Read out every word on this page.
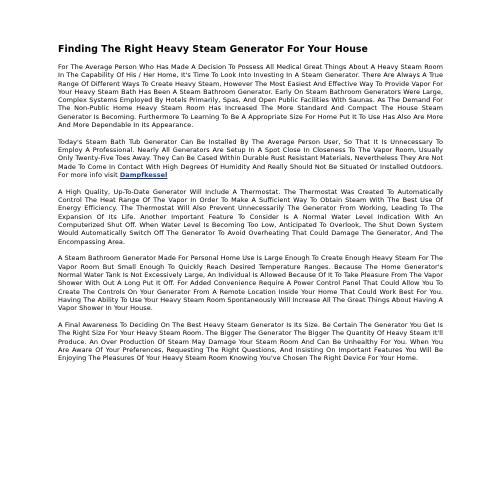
Finding The Right Heavy Steam Generator For Your House

For The Average Person Who Has Made A Decision To Possess All Medical Great Things About A Heavy Steam Room In The Capability Of His / Her Home, It's Time To Look Into Investing In A Steam Generator. There Are Always A True Range Of Different Ways To Create Heavy Steam, However The Most Easiest And Effective Way To Provide Vapor For Your Heavy Steam Bath Has Been A Steam Bathroom Generator. Early On Steam Bathroom Generators Were Large, Complex Systems Employed By Hotels Primarily, Spas, And Open Public Facilities With Saunas. As The Demand For The Non-Public Home Heavy Steam Room Has Increased The More Standard And Compact The House Steam Generator Is Becoming. Furthermore To Learning To Be A Appropriate Size For Home Put It To Use Has Also Are More And More Dependable In Its Appearance.

Today's Steam Bath Tub Generator Can Be Installed By The Average Person User, So That It Is Unnecessary To Employ A Professional. Nearly All Generators Are Setup In A Spot Close In Closeness To The Vapor Room, Usually Only Twenty-Five Toes Away. They Can Be Cased Within Durable Rust Resistant Materials, Nevertheless They Are Not Made To Come In Contact With High Degrees Of Humidity And Really Should Not Be Situated Or Installed Outdoors. For more info visit Dampfkessel

A High Quality, Up-To-Date Generator Will Include A Thermostat. The Thermostat Was Created To Automatically Control The Heat Range Of The Vapor In Order To Make A Sufficient Way To Obtain Steam With The Best Use Of Energy Efficiency. The Thermostat Will Also Prevent Unnecessarily The Generator From Working, Leading To The Expansion Of Its Life. Another Important Feature To Consider Is A Normal Water Level Indication With An Computerized Shut Off. When Water Level Is Becoming Too Low, Anticipated To Overlook, The Shut Down System Would Automatically Switch Off The Generator To Avoid Overheating That Could Damage The Generator, And The Encompassing Area.

A Steam Bathroom Generator Made For Personal Home Use Is Large Enough To Create Enough Heavy Steam For The Vapor Room But Small Enough To Quickly Reach Desired Temperature Ranges. Because The Home Generator's Normal Water Tank Is Not Excessively Large, An Individual Is Allowed Because Of It To Take Pleasure From The Vapor Shower With Out A Long Put It Off. For Added Convenience Require A Power Control Panel That Could Allow You To Create The Controls On Your Generator From A Remote Location Inside Your Home That Could Work Best For You. Having The Ability To Use Your Heavy Steam Room Spontaneously Will Increase All The Great Things About Having A Vapor Shower In Your House.

A Final Awareness To Deciding On The Best Heavy Steam Generator Is Its Size. Be Certain The Generator You Get Is The Right Size For Your Heavy Steam Room. The Bigger The Generator The Bigger The Quantity Of Heavy Steam It'll Produce. An Over Production Of Steam May Damage Your Steam Room And Can Be Unhealthy For You. When You Are Aware Of Your Preferences, Requesting The Right Questions, And Insisting On Important Features You Will Be Enjoying The Pleasures Of Your Heavy Steam Room Knowing You've Chosen The Right Device For Your Home.
